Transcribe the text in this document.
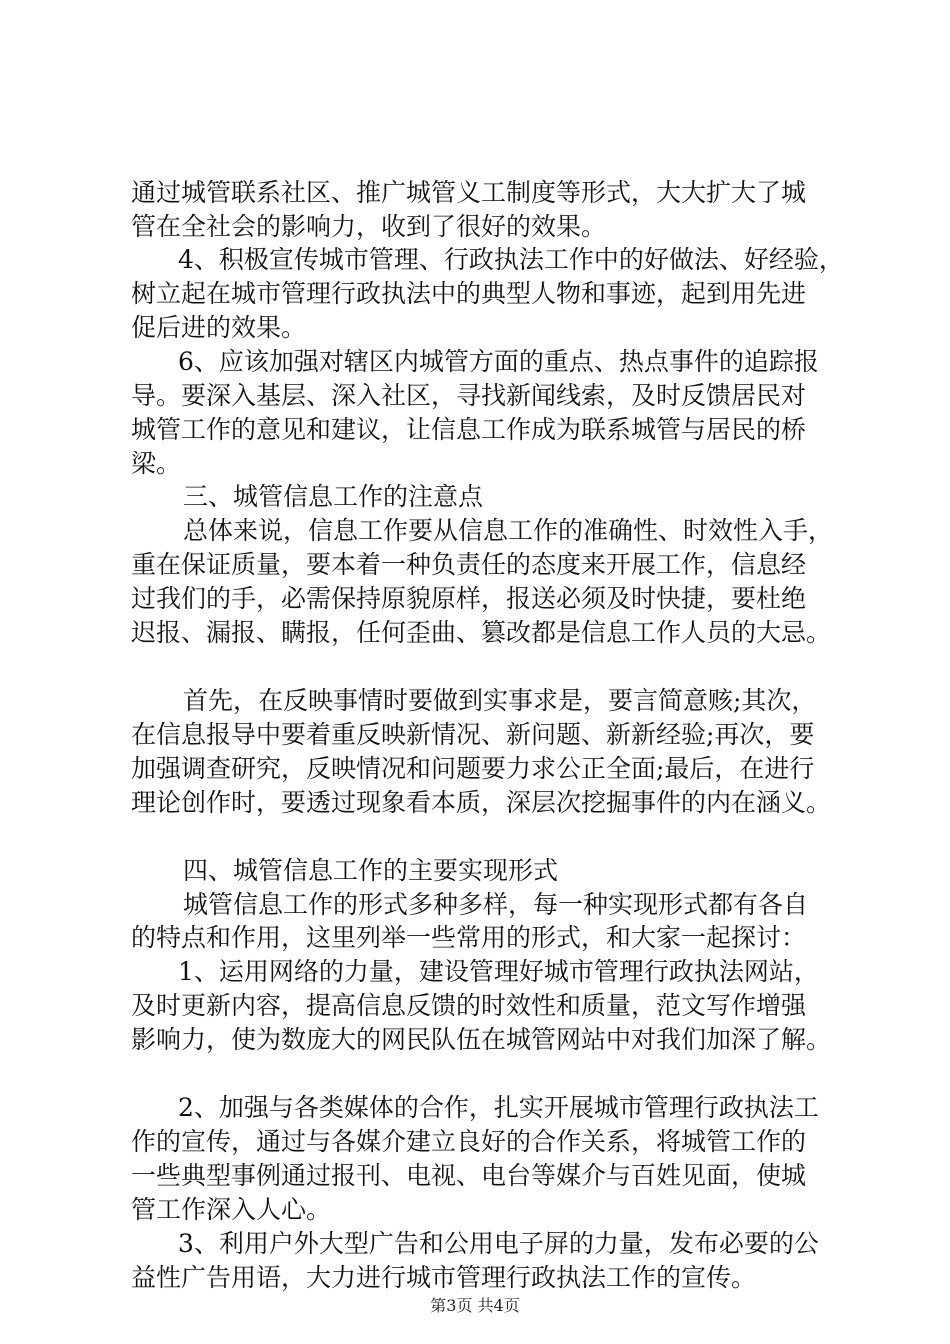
通过城管联系社区、推广城管义工制度等形式，大大扩大了城
管在全社会的影响力，收到了很好的效果。
4、积极宣传城市管理、行政执法工作中的好做法、好经验，
树立起在城市管理行政执法中的典型人物和事迹，起到用先进
促后进的效果。
6、应该加强对辖区内城管方面的重点、热点事件的追踪报
导。要深入基层、深入社区，寻找新闻线索，及时反馈居民对
城管工作的意见和建议，让信息工作成为联系城管与居民的桥
梁。
三、城管信息工作的注意点
总体来说，信息工作要从信息工作的准确性、时效性入手，
重在保证质量，要本着一种负责任的态度来开展工作，信息经
过我们的手，必需保持原貌原样，报送必须及时快捷，要杜绝
迟报、漏报、瞒报，任何歪曲、篡改都是信息工作人员的大忌。
首先，在反映事情时要做到实事求是，要言简意赅;其次，
在信息报导中要着重反映新情况、新问题、新新经验;再次，要
加强调查研究，反映情况和问题要力求公正全面;最后，在进行
理论创作时，要透过现象看本质，深层次挖掘事件的内在涵义。
四、城管信息工作的主要实现形式
城管信息工作的形式多种多样，每一种实现形式都有各自
的特点和作用，这里列举一些常用的形式，和大家一起探讨：
1、运用网络的力量，建设管理好城市管理行政执法网站，
及时更新内容，提高信息反馈的时效性和质量，范文写作增强
影响力，使为数庞大的网民队伍在城管网站中对我们加深了解。
2、加强与各类媒体的合作，扎实开展城市管理行政执法工
作的宣传，通过与各媒介建立良好的合作关系，将城管工作的
一些典型事例通过报刊、电视、电台等媒介与百姓见面，使城
管工作深入人心。
3、利用户外大型广告和公用电子屏的力量，发布必要的公
益性广告用语，大力进行城市管理行政执法工作的宣传。
第3页 共4页
